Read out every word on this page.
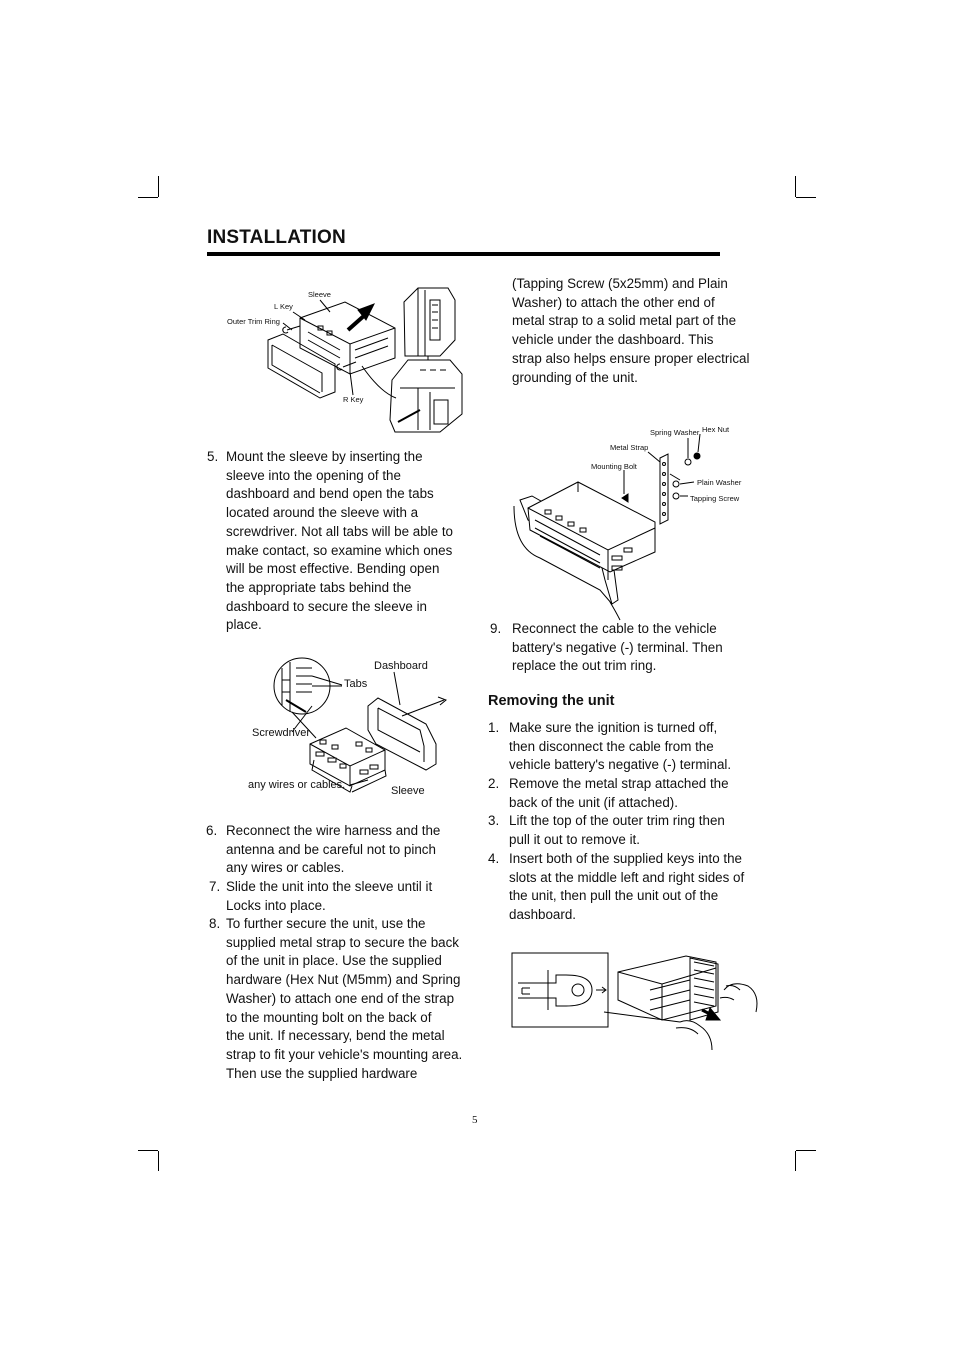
INSTALLATION
Sleeve
L Key
Outer Trim Ring
R Key
5. Mount the sleeve by inserting the
sleeve into the opening of the
dashboard and bend open the tabs
located around the sleeve with a
screwdriver. Not all tabs will be able to
make contact, so examine which ones
will be most effective. Bending open
the appropriate tabs behind the
dashboard to secure the sleeve in
place.
Dashboard
Tabs
Screwdriver
any wires or cables.	Sleeve
6. Reconnect the wire harness and the
antenna and be careful not to pinch
any wires or cables.
7. Slide the unit into the sleeve until it
Locks into place.
8. To further secure the unit, use the
supplied metal strap to secure the back
of the unit in place. Use the supplied
hardware (Hex Nut (M5mm) and Spring
Washer) to attach one end of the strap
to the mounting bolt on the back of
the unit. If necessary, bend the metal
strap to fit your vehicle's mounting area.
Then use the supplied hardware
(Tapping Screw (5x25mm) and Plain
Washer) to attach the other end of
metal strap to a solid metal part of the
vehicle under the dashboard. This
strap also helps ensure proper electrical
grounding of the unit.
Spring Washer Hex Nut
Metal Strap
Mounting Bolt
Plain Washer
Tapping Screw
9. Reconnect the cable to the vehicle
battery's negative (-) terminal. Then
replace the out trim ring.
Removing the unit
1. Make sure the ignition is turned off,
then disconnect the cable from the
vehicle battery's negative (-) terminal.
2. Remove the metal strap attached the
back of the unit (if attached).
3. Lift the top of the outer trim ring then
pull it out to remove it.
4. Insert both of the supplied keys into the
slots at the middle left and right sides of
the unit, then pull the unit out of the
dashboard.
5
